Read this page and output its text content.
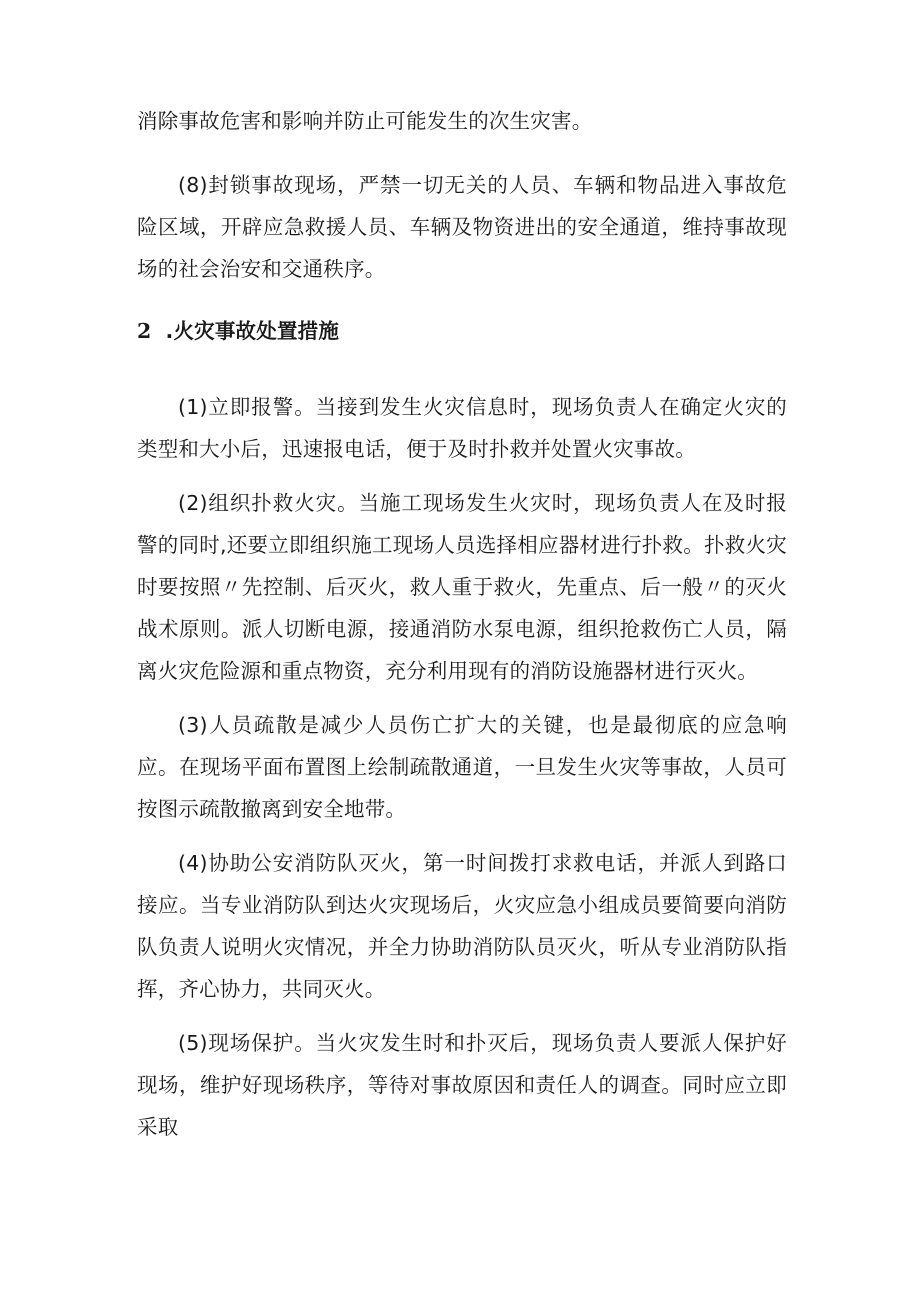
消除事故危害和影响并防止可能发生的次生灾害。

(8)封锁事故现场，严禁一切无关的人员、车辆和物品进入事故危险区域，开辟应急救援人员、车辆及物资进出的安全通道，维持事故现场的社会治安和交通秩序。

2 .火灾事故处置措施

(1)立即报警。当接到发生火灾信息时，现场负责人在确定火灾的类型和大小后，迅速报电话，便于及时扑救并处置火灾事故。

(2)组织扑救火灾。当施工现场发生火灾时，现场负责人在及时报警的同时,还要立即组织施工现场人员选择相应器材进行扑救。扑救火灾时要按照〃先控制、后灭火，救人重于救火，先重点、后一般〃的灭火战术原则。派人切断电源，接通消防水泵电源，组织抢救伤亡人员，隔离火灾危险源和重点物资，充分利用现有的消防设施器材进行灭火。

(3)人员疏散是减少人员伤亡扩大的关键，也是最彻底的应急响应。在现场平面布置图上绘制疏散通道，一旦发生火灾等事故，人员可按图示疏散撤离到安全地带。

(4)协助公安消防队灭火，第一时间拨打求救电话，并派人到路口接应。当专业消防队到达火灾现场后，火灾应急小组成员要简要向消防队负责人说明火灾情况，并全力协助消防队员灭火，听从专业消防队指挥，齐心协力，共同灭火。

(5)现场保护。当火灾发生时和扑灭后，现场负责人要派人保护好现场，维护好现场秩序，等待对事故原因和责任人的调查。同时应立即采取
